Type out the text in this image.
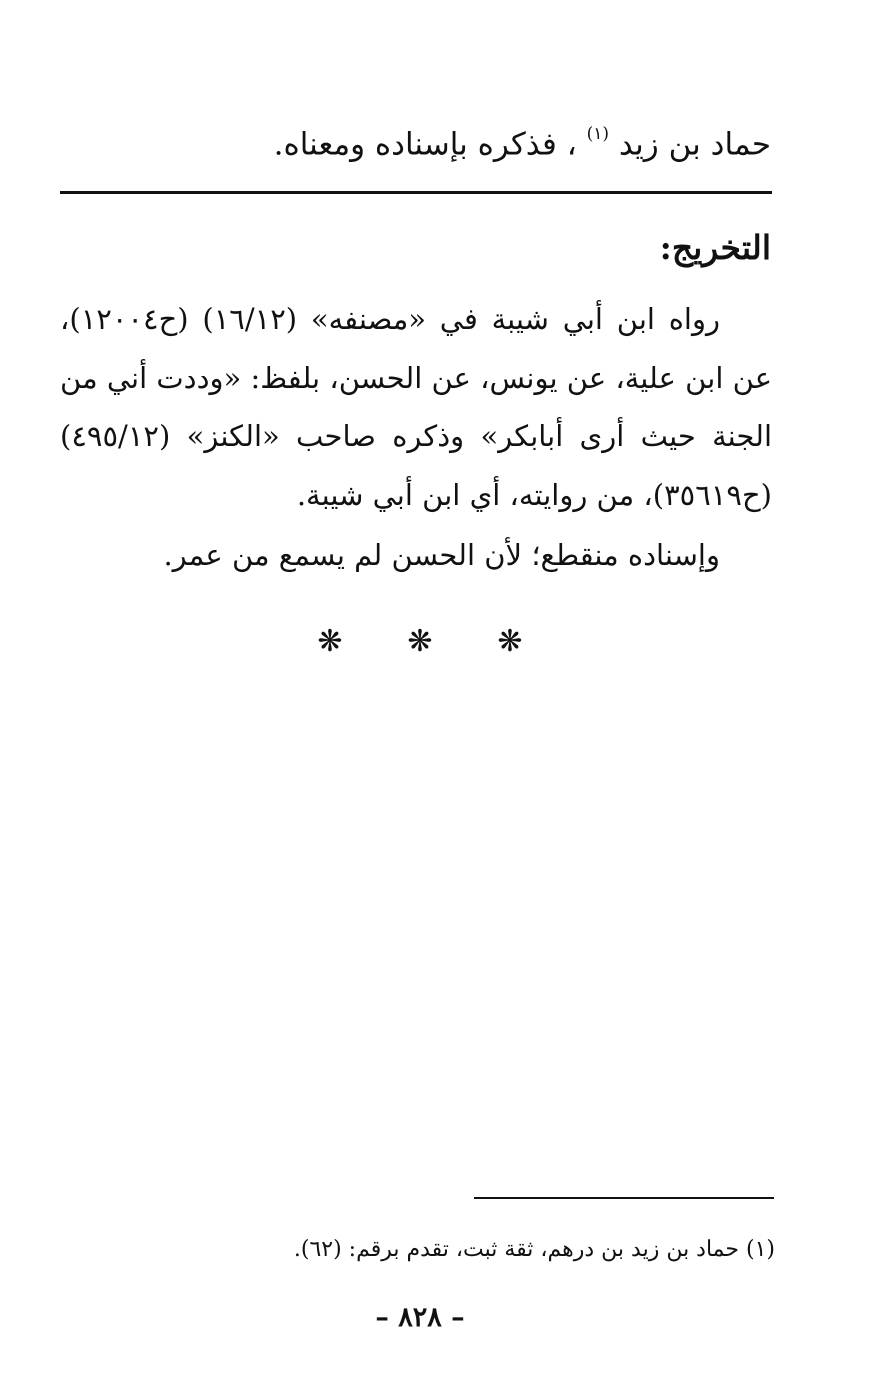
حماد بن زيد $^{(١)}$ ، فذكره بإسناده ومعناه.
التخريج:
رواه ابن أبي شيبة في «مصنفه» (١٦/١٢) (ح١٢٠٠٤)، عن ابن علية، عن يونس، عن الحسن، بلفظ: «وددت أني من الجنة حيث أرى أبابكر» وذكره صاحب «الكنز» (٤٩٥/١٢) (ح٣٥٦١٩)، من روايته، أي ابن أبي شيبة.
وإسناده منقطع؛ لأن الحسن لم يسمع من عمر.
❋	❋	❋
(١) حماد بن زيد بن درهم، ثقة ثبت، تقدم برقم: (٦٢).
– ٨٢٨ –
